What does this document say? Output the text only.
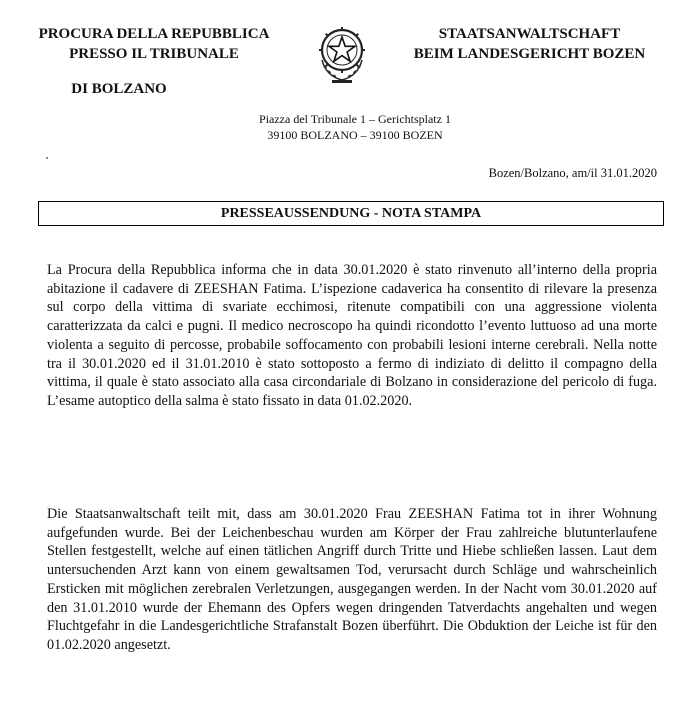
PROCURA DELLA REPUBBLICA
PRESSO IL TRIBUNALE
DI BOLZANO
STAATSANWALTSCHAFT
BEIM LANDESGERICHT BOZEN
Piazza del Tribunale 1 – Gerichtsplatz 1
39100 BOLZANO – 39100 BOZEN
Bozen/Bolzano, am/il 31.01.2020
PRESSEAUSSENDUNG - NOTA STAMPA

La Procura della Repubblica informa che in data 30.01.2020 è stato rinvenuto all’interno della propria abitazione il cadavere di ZEESHAN Fatima. L’ispezione cadaverica ha consentito di rilevare la presenza sul corpo della vittima di svariate ecchimosi, ritenute compatibili con una aggressione violenta caratterizzata da calci e pugni. Il medico necroscopo ha quindi ricondotto l’evento luttuoso ad una morte violenta a seguito di percosse, probabile soffocamento con probabili lesioni interne cerebrali. Nella notte tra il 30.01.2020 ed il 31.01.2010 è stato sottoposto a fermo di indiziato di delitto il compagno della vittima, il quale è stato associato alla casa circondariale di Bolzano in considerazione del pericolo di fuga. L’esame autoptico della salma è stato fissato in data 01.02.2020.

Die Staatsanwaltschaft teilt mit, dass am 30.01.2020 Frau ZEESHAN Fatima tot in ihrer Wohnung aufgefunden wurde. Bei der Leichenbeschau wurden am Körper der Frau zahlreiche blutunterlaufene Stellen festgestellt, welche auf einen tätlichen Angriff durch Tritte und Hiebe schließen lassen. Laut dem untersuchenden Arzt kann von einem gewaltsamen Tod, verursacht durch Schläge und wahrscheinlich Ersticken mit möglichen zerebralen Verletzungen, ausgegangen werden. In der Nacht vom 30.01.2020 auf den 31.01.2010 wurde der Ehemann des Opfers wegen dringenden Tatverdachts angehalten und wegen Fluchtgefahr in die Landesgerichtliche Strafanstalt Bozen überführt. Die Obduktion der Leiche ist für den 01.02.2020 angesetzt.
